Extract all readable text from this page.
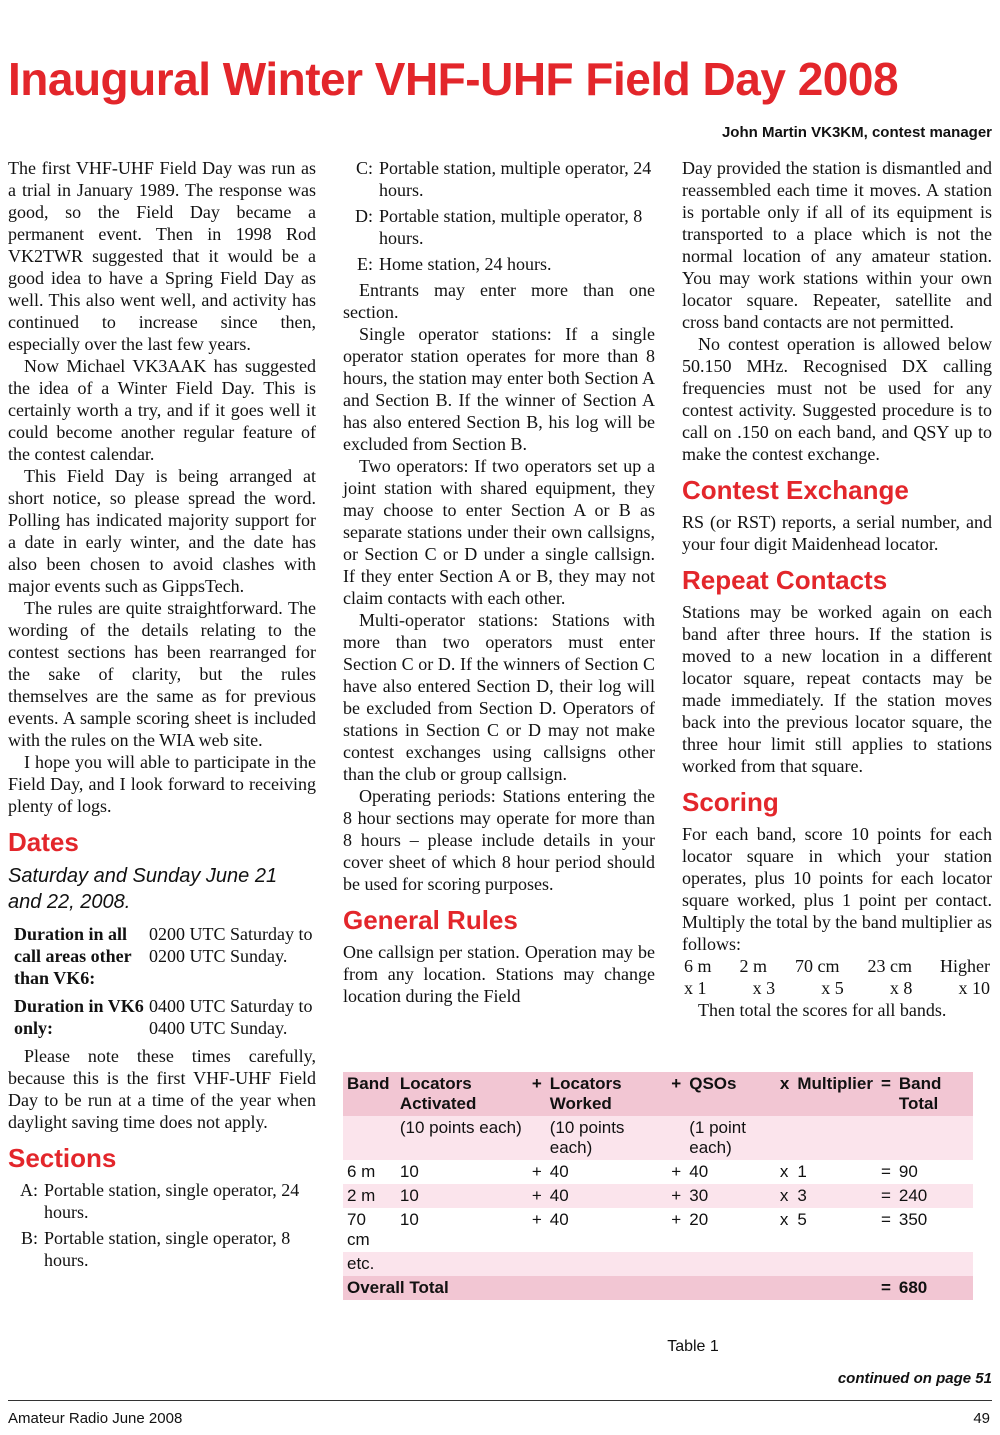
Inaugural Winter VHF-UHF Field Day 2008
John Martin VK3KM, contest manager

The first VHF-UHF Field Day was run as a trial in January 1989. The response was good, so the Field Day became a permanent event. Then in 1998 Rod VK2TWR suggested that it would be a good idea to have a Spring Field Day as well. This also went well, and activity has continued to increase since then, especially over the last few years.

Now Michael VK3AAK has suggested the idea of a Winter Field Day. This is certainly worth a try, and if it goes well it could become another regular feature of the contest calendar.

This Field Day is being arranged at short notice, so please spread the word. Polling has indicated majority support for a date in early winter, and the date has also been chosen to avoid clashes with major events such as GippsTech.

The rules are quite straightforward. The wording of the details relating to the contest sections has been rearranged for the sake of clarity, but the rules themselves are the same as for previous events. A sample scoring sheet is included with the rules on the WIA web site.

I hope you will able to participate in the Field Day, and I look forward to receiving plenty of logs.

Dates
Saturday and Sunday June 21 and 22, 2008.
Duration in all call areas other than VK6:
0200 UTC Saturday to 0200 UTC Sunday.
Duration in VK6 only:
0400 UTC Saturday to 0400 UTC Sunday.

Please note these times carefully, because this is the first VHF-UHF Field Day to be run at a time of the year when daylight saving time does not apply.

Sections
A: Portable station, single operator, 24 hours.
B: Portable station, single operator, 8 hours.
C: Portable station, multiple operator, 24 hours.
D: Portable station, multiple operator, 8 hours.
E: Home station, 24 hours.

Entrants may enter more than one section.

Single operator stations: If a single operator station operates for more than 8 hours, the station may enter both Section A and Section B. If the winner of Section A has also entered Section B, his log will be excluded from Section B.

Two operators: If two operators set up a joint station with shared equipment, they may choose to enter Section A or B as separate stations under their own callsigns, or Section C or D under a single callsign. If they enter Section A or B, they may not claim contacts with each other.

Multi-operator stations: Stations with more than two operators must enter Section C or D. If the winners of Section C have also entered Section D, their log will be excluded from Section D. Operators of stations in Section C or D may not make contest exchanges using callsigns other than the club or group callsign.

Operating periods: Stations entering the 8 hour sections may operate for more than 8 hours – please include details in your cover sheet of which 8 hour period should be used for scoring purposes.

General Rules

One callsign per station. Operation may be from any location. Stations may change location during the Field

Day provided the station is dismantled and reassembled each time it moves. A station is portable only if all of its equipment is transported to a place which is not the normal location of any amateur station. You may work stations within your own locator square. Repeater, satellite and cross band contacts are not permitted.

No contest operation is allowed below 50.150 MHz. Recognised DX calling frequencies must not be used for any contest activity. Suggested procedure is to call on .150 on each band, and QSY up to make the contest exchange.

Contest Exchange

RS (or RST) reports, a serial number, and your four digit Maidenhead locator.

Repeat Contacts

Stations may be worked again on each band after three hours. If the station is moved to a new location in a different locator square, repeat contacts may be made immediately. If the station moves back into the previous locator square, the three hour limit still applies to stations worked from that square.

Scoring

For each band, score 10 points for each locator square in which your station operates, plus 10 points for each locator square worked, plus 1 point per contact. Multiply the total by the band multiplier as follows:

6 m 2 m 70 cm 23 cm Higher
x 1	x 3	x 5	x 8	x 10

Then total the scores for all bands.

Band	Locators Activated	+	Locators Worked	+	QSOs	x	Multiplier	=	Band Total
	(10 points each)		(10 points each)		(1 point each)				
6 m	10	+	40	+	40	x	1	=	90
2 m	10	+	40	+	30	x	3	=	240
70 cm	10	+	40	+	20	x	5	=	350
etc.									
Overall Total								=	680
Table 1
continued on page 51
Amateur Radio June 2008	49
